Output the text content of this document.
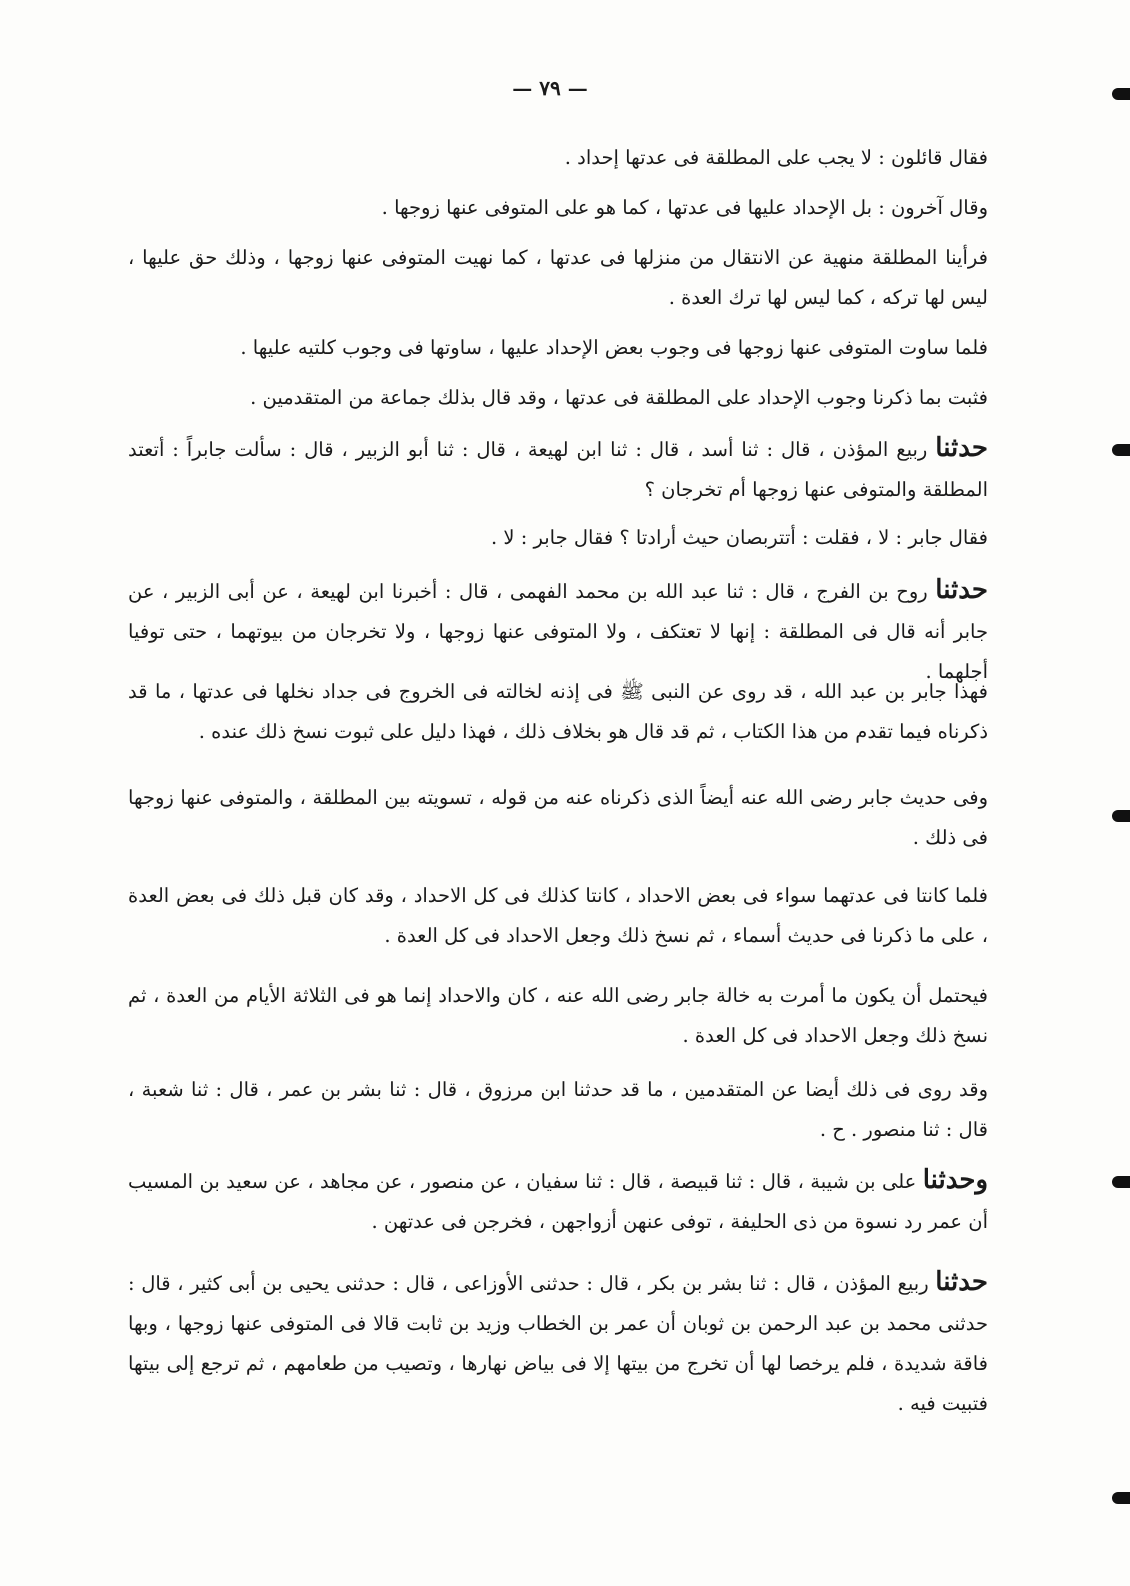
— ٧٩ —

فقال قائلون : لا يجب على المطلقة فى عدتها إحداد .

وقال آخرون : بل الإحداد عليها فى عدتها ، كما هو على المتوفى عنها زوجها .

فرأينا المطلقة منهية عن الانتقال من منزلها فى عدتها ، كما نهيت المتوفى عنها زوجها ، وذلك حق عليها ، ليس لها تركه ، كما ليس لها ترك العدة .

فلما ساوت المتوفى عنها زوجها فى وجوب بعض الإحداد عليها ، ساوتها فى وجوب كلتيه عليها .

فثبت بما ذكرنا وجوب الإحداد على المطلقة فى عدتها ، وقد قال بذلك جماعة من المتقدمين .

حدثنا ربيع المؤذن ، قال : ثنا أسد ، قال : ثنا ابن لهيعة ، قال : ثنا أبو الزبير ، قال : سألت جابراً : أتعتد المطلقة والمتوفى عنها زوجها أم تخرجان ؟

فقال جابر : لا ، فقلت : أتتربصان حيث أرادتا ؟ فقال جابر : لا .

حدثنا روح بن الفرج ، قال : ثنا عبد الله بن محمد الفهمى ، قال : أخبرنا ابن لهيعة ، عن أبى الزبير ، عن جابر أنه قال فى المطلقة : إنها لا تعتكف ، ولا المتوفى عنها زوجها ، ولا تخرجان من بيوتهما ، حتى توفيا أجلهما .

فهذا جابر بن عبد الله ، قد روى عن النبى ﷺ فى إذنه لخالته فى الخروج فى جداد نخلها فى عدتها ، ما قد ذكرناه فيما تقدم من هذا الكتاب ، ثم قد قال هو بخلاف ذلك ، فهذا دليل على ثبوت نسخ ذلك عنده .

وفى حديث جابر رضى الله عنه أيضاً الذى ذكرناه عنه من قوله ، تسويته بين المطلقة ، والمتوفى عنها زوجها فى ذلك .

فلما كانتا فى عدتهما سواء فى بعض الاحداد ، كانتا كذلك فى كل الاحداد ، وقد كان قبل ذلك فى بعض العدة ، على ما ذكرنا فى حديث أسماء ، ثم نسخ ذلك وجعل الاحداد فى كل العدة .

فيحتمل أن يكون ما أمرت به خالة جابر رضى الله عنه ، كان والاحداد إنما هو فى الثلاثة الأيام من العدة ، ثم نسخ ذلك وجعل الاحداد فى كل العدة .

وقد روى فى ذلك أيضا عن المتقدمين ، ما قد حدثنا ابن مرزوق ، قال : ثنا بشر بن عمر ، قال : ثنا شعبة ، قال : ثنا منصور . ح .

وحدثنا على بن شيبة ، قال : ثنا قبيصة ، قال : ثنا سفيان ، عن منصور ، عن مجاهد ، عن سعيد بن المسيب أن عمر رد نسوة من ذى الحليفة ، توفى عنهن أزواجهن ، فخرجن فى عدتهن .

حدثنا ربيع المؤذن ، قال : ثنا بشر بن بكر ، قال : حدثنى الأوزاعى ، قال : حدثنى يحيى بن أبى كثير ، قال : حدثنى محمد بن عبد الرحمن بن ثوبان أن عمر بن الخطاب وزيد بن ثابت قالا فى المتوفى عنها زوجها ، وبها فاقة شديدة ، فلم يرخصا لها أن تخرج من بيتها إلا فى بياض نهارها ، وتصيب من طعامهم ، ثم ترجع إلى بيتها فتبيت فيه .
